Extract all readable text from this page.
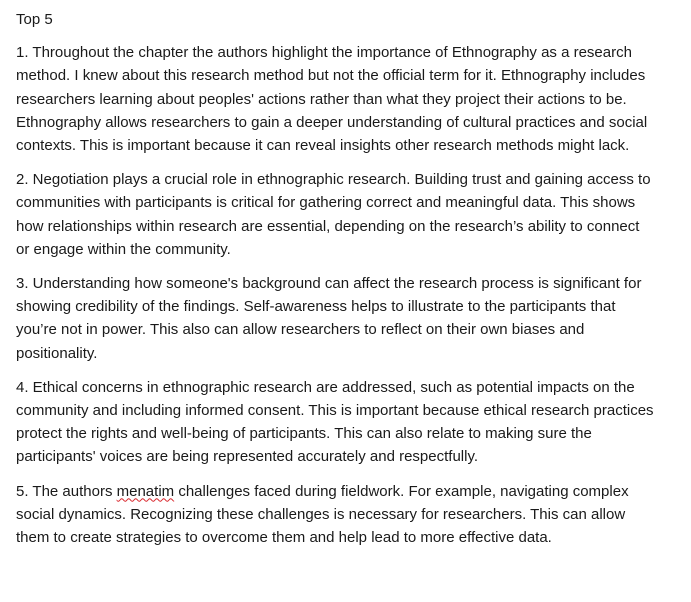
Top 5

1. Throughout the chapter the authors highlight the importance of Ethnography as a research method. I knew about this research method but not the official term for it. Ethnography includes researchers learning about peoples' actions rather than what they project their actions to be. Ethnography allows researchers to gain a deeper understanding of cultural practices and social contexts. This is important because it can reveal insights other research methods might lack.

2. Negotiation plays a crucial role in ethnographic research. Building trust and gaining access to communities with participants is critical for gathering correct and meaningful data. This shows how relationships within research are essential, depending on the research’s ability to connect or engage within the community.

3. Understanding how someone's background can affect the research process is significant for showing credibility of the findings. Self-awareness helps to illustrate to the participants that you’re not in power. This also can allow researchers to reflect on their own biases and positionality.

4. Ethical concerns in ethnographic research are addressed, such as potential impacts on the community and including informed consent. This is important because ethical research practices protect the rights and well-being of participants. This can also relate to making sure the participants' voices are being represented accurately and respectfully.

5. The authors menatim challenges faced during fieldwork. For example, navigating complex social dynamics. Recognizing these challenges is necessary for researchers. This can allow them to create strategies to overcome them and help lead to more effective data.
